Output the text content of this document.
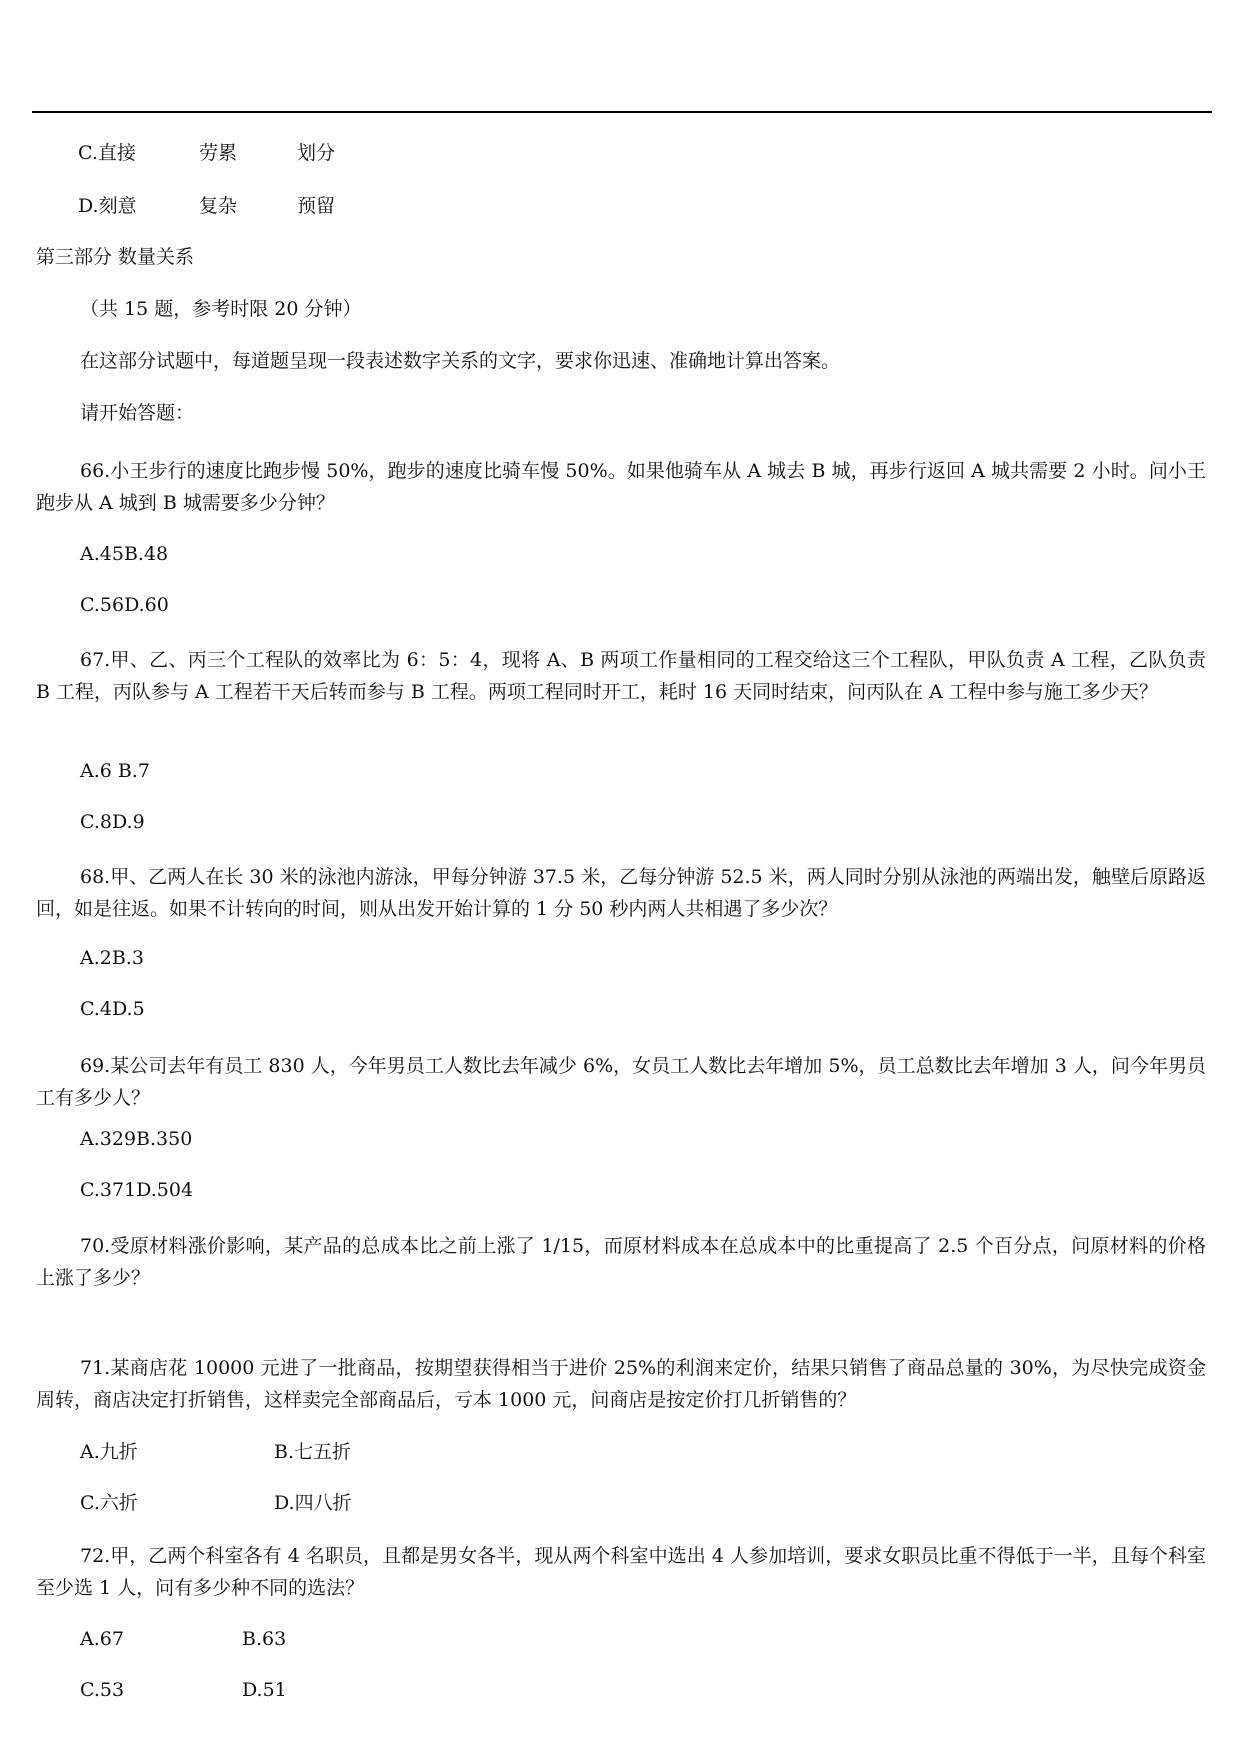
C.直接	劳累	划分
D.刻意	复杂	预留
第三部分 数量关系
（共 15 题，参考时限 20 分钟）
在这部分试题中，每道题呈现一段表述数字关系的文字，要求你迅速、准确地计算出答案。
请开始答题：
66.小王步行的速度比跑步慢 50%，跑步的速度比骑车慢 50%。如果他骑车从 A 城去 B 城，再步行返回 A 城共需要 2 小时。问小王跑步从 A 城到 B 城需要多少分钟？
A.45B.48
C.56D.60
67.甲、乙、丙三个工程队的效率比为 6：5：4，现将 A、B 两项工作量相同的工程交给这三个工程队，甲队负责 A 工程，乙队负责 B 工程，丙队参与 A 工程若干天后转而参与 B 工程。两项工程同时开工，耗时 16 天同时结束，问丙队在 A 工程中参与施工多少天？
A.6 B.7
C.8D.9
68.甲、乙两人在长 30 米的泳池内游泳，甲每分钟游 37.5 米，乙每分钟游 52.5 米，两人同时分别从泳池的两端出发，触壁后原路返回，如是往返。如果不计转向的时间，则从出发开始计算的 1 分 50 秒内两人共相遇了多少次？
A.2B.3
C.4D.5
69.某公司去年有员工 830 人，今年男员工人数比去年减少 6%，女员工人数比去年增加 5%，员工总数比去年增加 3 人，问今年男员工有多少人？
A.329B.350
C.371D.504
70.受原材料涨价影响，某产品的总成本比之前上涨了 1/15，而原材料成本在总成本中的比重提高了 2.5 个百分点，问原材料的价格上涨了多少？
71.某商店花 10000 元进了一批商品，按期望获得相当于进价 25%的利润来定价，结果只销售了商品总量的 30%，为尽快完成资金周转，商店决定打折销售，这样卖完全部商品后，亏本 1000 元，问商店是按定价打几折销售的？
A.九折	B.七五折
C.六折	D.四八折
72.甲，乙两个科室各有 4 名职员，且都是男女各半，现从两个科室中选出 4 人参加培训，要求女职员比重不得低于一半，且每个科室至少选 1 人，问有多少种不同的选法？
A.67	B.63
C.53	D.51
